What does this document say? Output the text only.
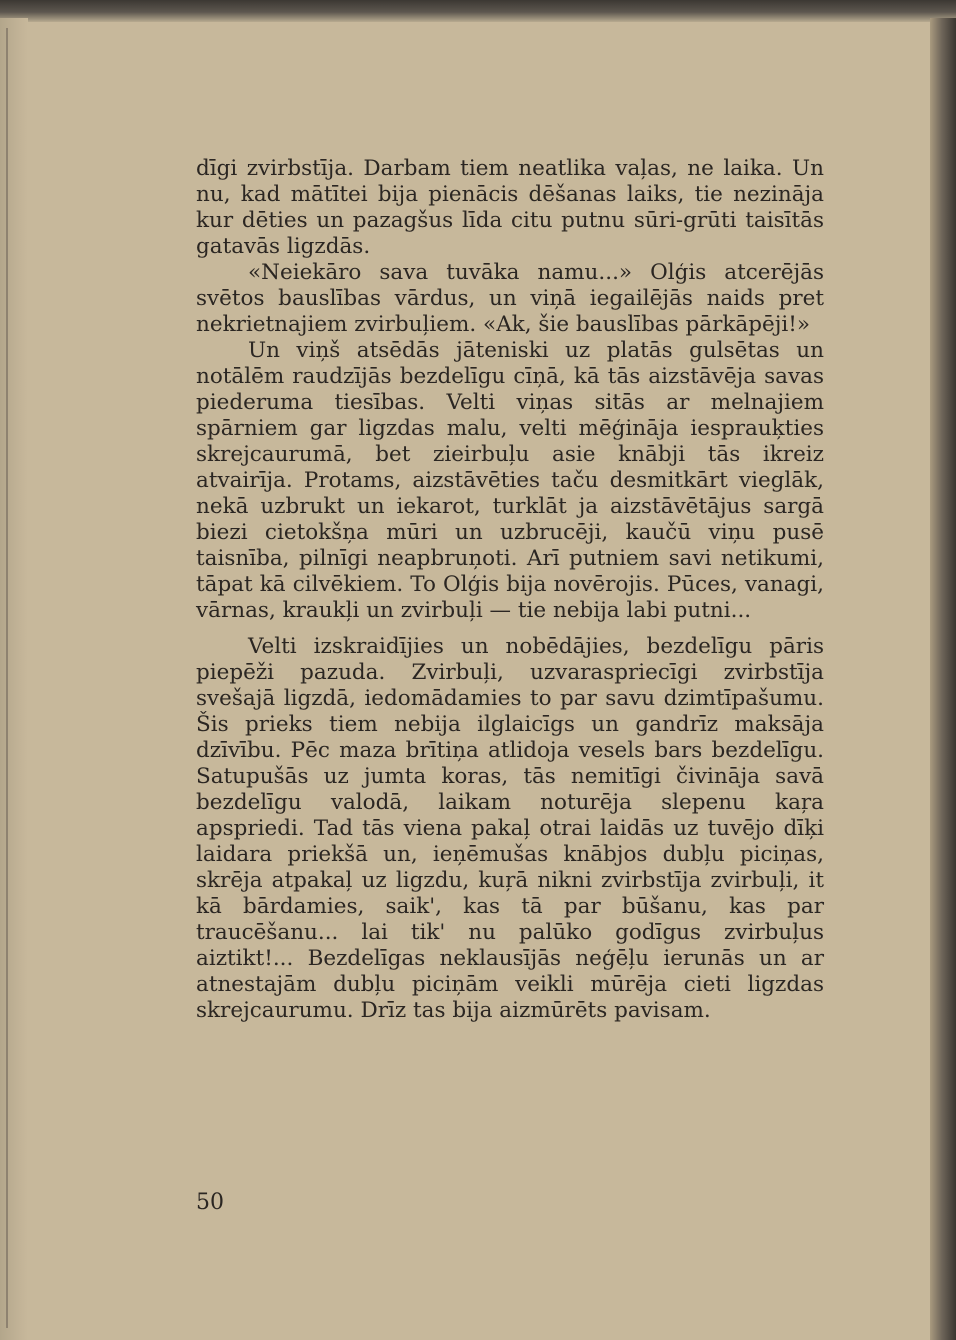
dīgi zvirbstīja. Darbam tiem neatlika vaļas, ne laika. Un nu, kad mātītei bija pienācis dēšanas laiks, tie nezināja kur dēties un pazagšus līda citu putnu sūri-grūti taisītās gatavās ligzdās.

«Neiekāro sava tuvāka namu...» Olģis atcerējās svētos bauslības vārdus, un viņā iegailējās naids pret nekrietnajiem zvirbuļiem. «Ak, šie bauslības pārkāpēji!»

Un viņš atsēdās jāteniski uz platās gulsētas un notālēm raudzījās bezdelīgu cīņā, kā tās aizstāvēja savas piederuma tiesības. Velti viņas sitās ar melnajiem spārniem gar ligzdas malu, velti mēģināja iesprauķties skrejcaurumā, bet zieirbuļu asie knābji tās ikreiz atvairīja. Protams, aizstāvēties taču desmitkārt vieglāk, nekā uzbrukt un iekarot, turklāt ja aizstāvētājus sargā biezi cietokšņa mūri un uzbrucēji, kaučū viņu pusē taisnība, pilnīgi neapbruņoti. Arī putniem savi netikumi, tāpat kā cilvēkiem. To Olģis bija novērojis. Pūces, vanagi, vārnas, kraukļi un zvirbuļi — tie nebija labi putni...

Velti izskraidījies un nobēdājies, bezdelīgu pāris piepēži pazuda. Zvirbuļi, uzvaraspriecīgi zvirbstīja svešajā ligzdā, iedomādamies to par savu dzimtīpašumu. Šis prieks tiem nebija ilglaicīgs un gandrīz maksāja dzīvību. Pēc maza brītiņa atlidoja vesels bars bezdelīgu. Satupušās uz jumta koras, tās nemitīgi čivināja savā bezdelīgu valodā, laikam noturēja slepenu kaŗa apspriedi. Tad tās viena pakaļ otrai laidās uz tuvējo dīķi laidara priekšā un, ieņēmušas knābjos dubļu piciņas, skrēja atpakaļ uz ligzdu, kuŗā nikni zvirbstīja zvirbuļi, it kā bārdamies, saik', kas tā par būšanu, kas par traucēšanu... lai tik' nu palūko godīgus zvirbuļus aiztikt!... Bezdelīgas neklausījās neģēļu ierunās un ar atnestajām dubļu piciņām veikli mūrēja cieti ligzdas skrejcaurumu. Drīz tas bija aizmūrēts pavisam.

50
